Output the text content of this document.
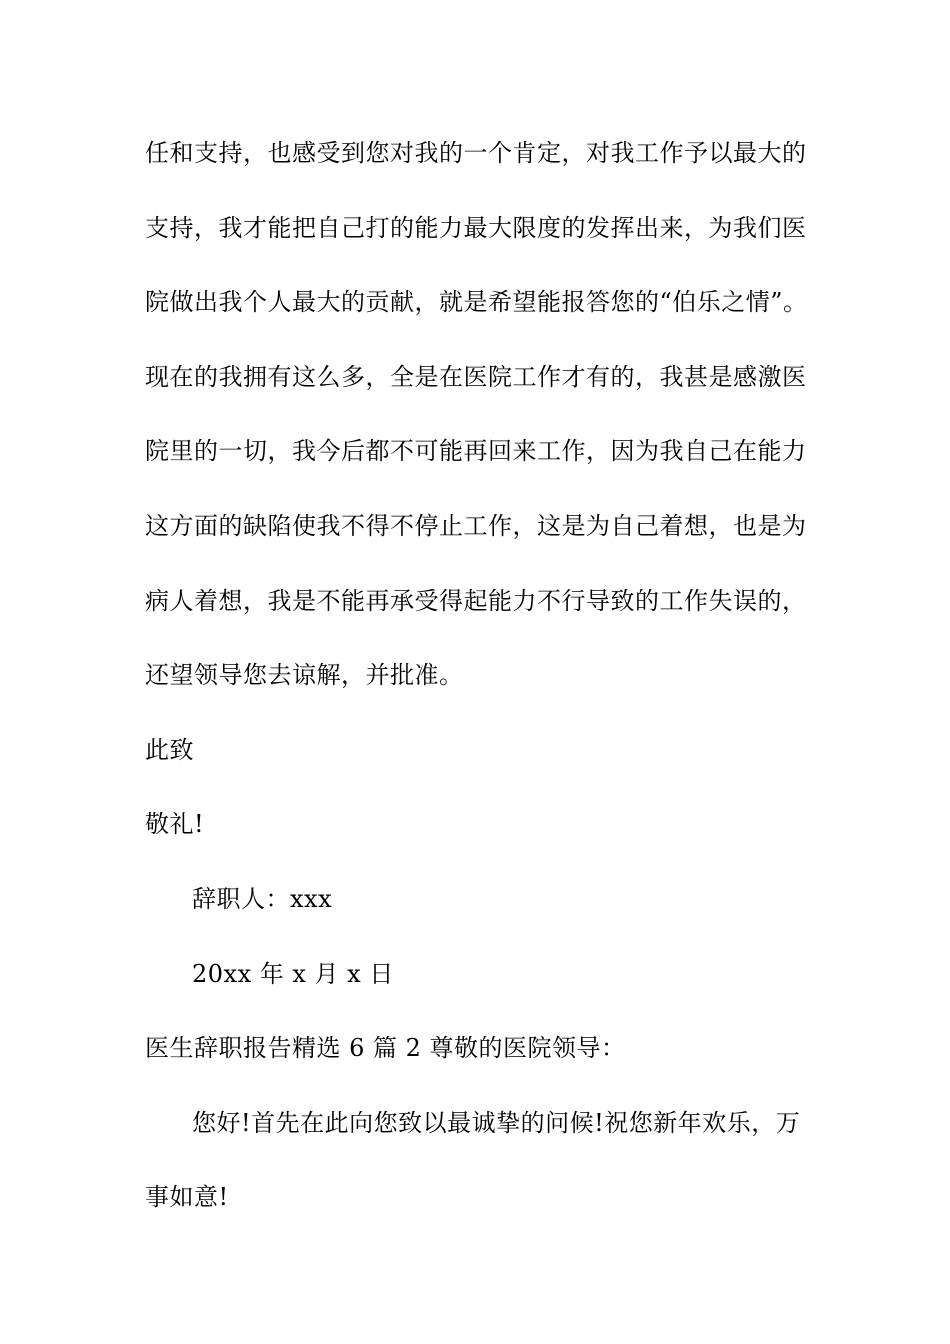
任和支持，也感受到您对我的一个肯定，对我工作予以最大的
支持，我才能把自己打的能力最大限度的发挥出来，为我们医
院做出我个人最大的贡献，就是希望能报答您的“伯乐之情”。
现在的我拥有这么多，全是在医院工作才有的，我甚是感激医
院里的一切，我今后都不可能再回来工作，因为我自己在能力
这方面的缺陷使我不得不停止工作，这是为自己着想，也是为
病人着想，我是不能再承受得起能力不行导致的工作失误的，
还望领导您去谅解，并批准。
此致
敬礼!
辞职人：xxx
20xx 年 x 月 x 日
医生辞职报告精选 6 篇 2 尊敬的医院领导：
您好!首先在此向您致以最诚挚的问候!祝您新年欢乐，万
事如意!
